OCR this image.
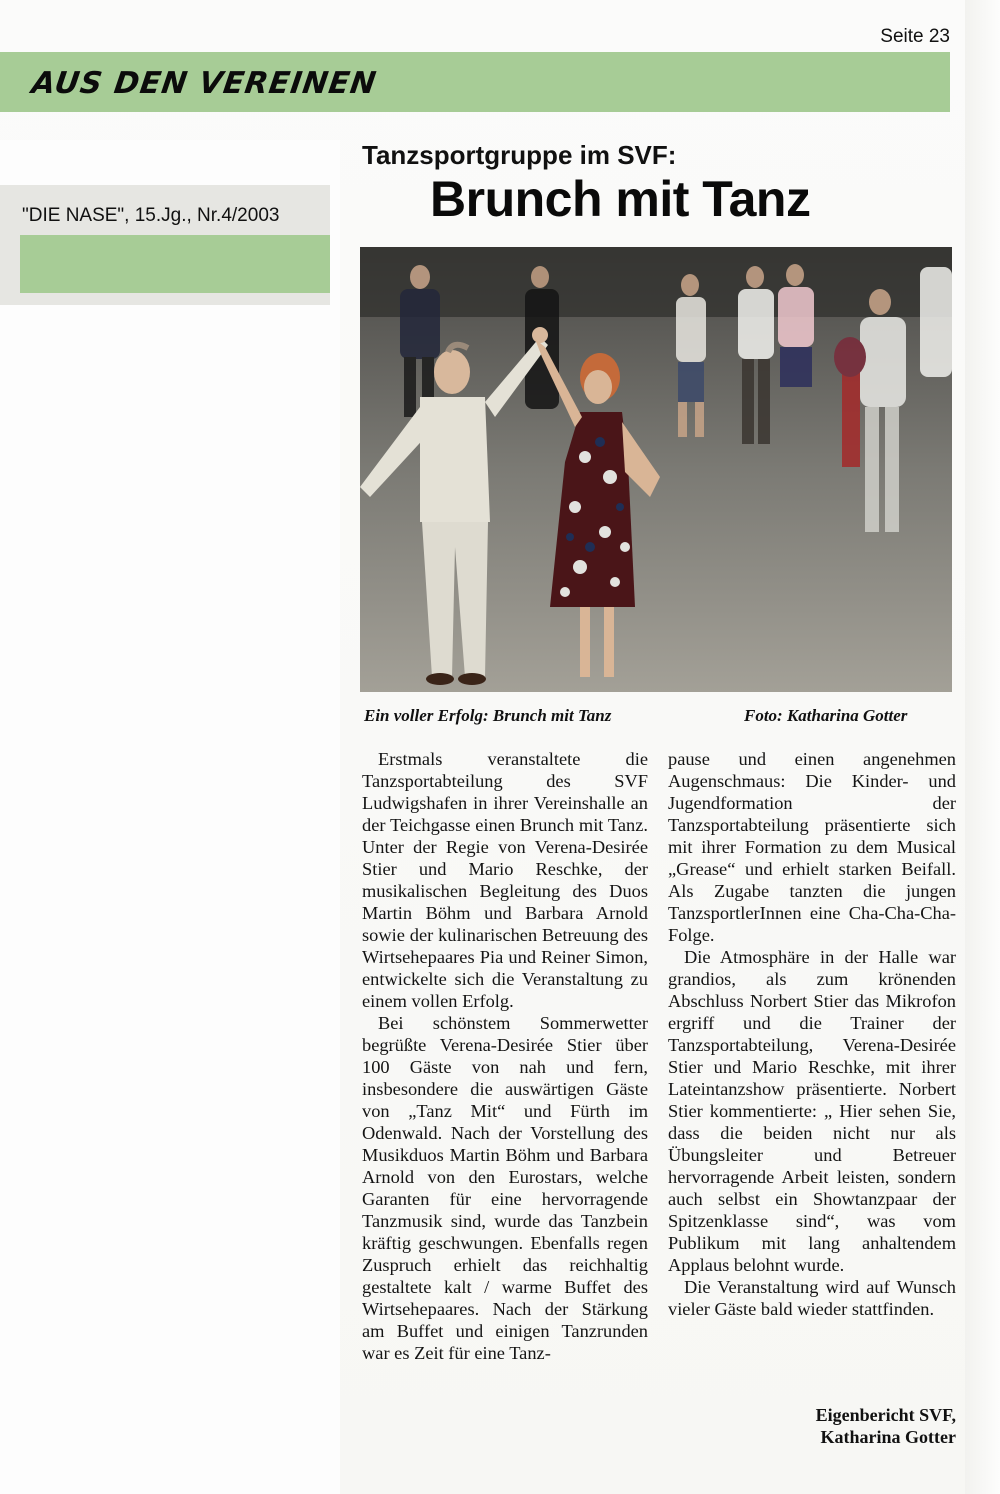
Seite 23
AUS DEN VEREINEN
"DIE NASE", 15.Jg., Nr.4/2003
Tanzsportgruppe im SVF:
Brunch mit Tanz
Ein voller Erfolg: Brunch mit Tanz	Foto: Katharina Gotter

Erstmals veranstaltete die Tanzsportabteilung des SVF Ludwigshafen in ihrer Vereinshalle an der Teichgasse einen Brunch mit Tanz. Unter der Regie von Verena-Desirée Stier und Mario Reschke, der musikalischen Begleitung des Duos Martin Böhm und Barbara Arnold sowie der kulinarischen Betreuung des Wirtsehepaares Pia und Reiner Simon, entwickelte sich die Veranstaltung zu einem vollen Erfolg.

Bei schönstem Sommerwetter begrüßte Verena-Desirée Stier über 100 Gäste von nah und fern, insbesondere die auswärtigen Gäste von „Tanz Mit“ und Fürth im Odenwald. Nach der Vorstellung des Musikduos Martin Böhm und Barbara Arnold von den Eurostars, welche Garanten für eine hervorragende Tanzmusik sind, wurde das Tanzbein kräftig geschwungen. Ebenfalls regen Zuspruch erhielt das reichhaltig gestaltete kalt / warme Buffet des Wirtsehepaares. Nach der Stärkung am Buffet und einigen Tanzrunden war es Zeit für eine Tanz-

pause und einen angenehmen Augenschmaus: Die Kinder- und Jugendformation der Tanzsportabteilung präsentierte sich mit ihrer Formation zu dem Musical „Grease“ und erhielt starken Beifall. Als Zugabe tanzten die jungen TanzsportlerInnen eine Cha-Cha-Cha-Folge.

Die Atmosphäre in der Halle war grandios, als zum krönenden Abschluss Norbert Stier das Mikrofon ergriff und die Trainer der Tanzsportabteilung, Verena-Desirée Stier und Mario Reschke, mit ihrer Lateintanzshow präsentierte. Norbert Stier kommentierte: „ Hier sehen Sie, dass die beiden nicht nur als Übungsleiter und Betreuer hervorragende Arbeit leisten, sondern auch selbst ein Showtanzpaar der Spitzenklasse sind“, was vom Publikum mit lang anhaltendem Applaus belohnt wurde.

Die Veranstaltung wird auf Wunsch vieler Gäste bald wieder stattfinden.

Eigenbericht SVF,
Katharina Gotter
